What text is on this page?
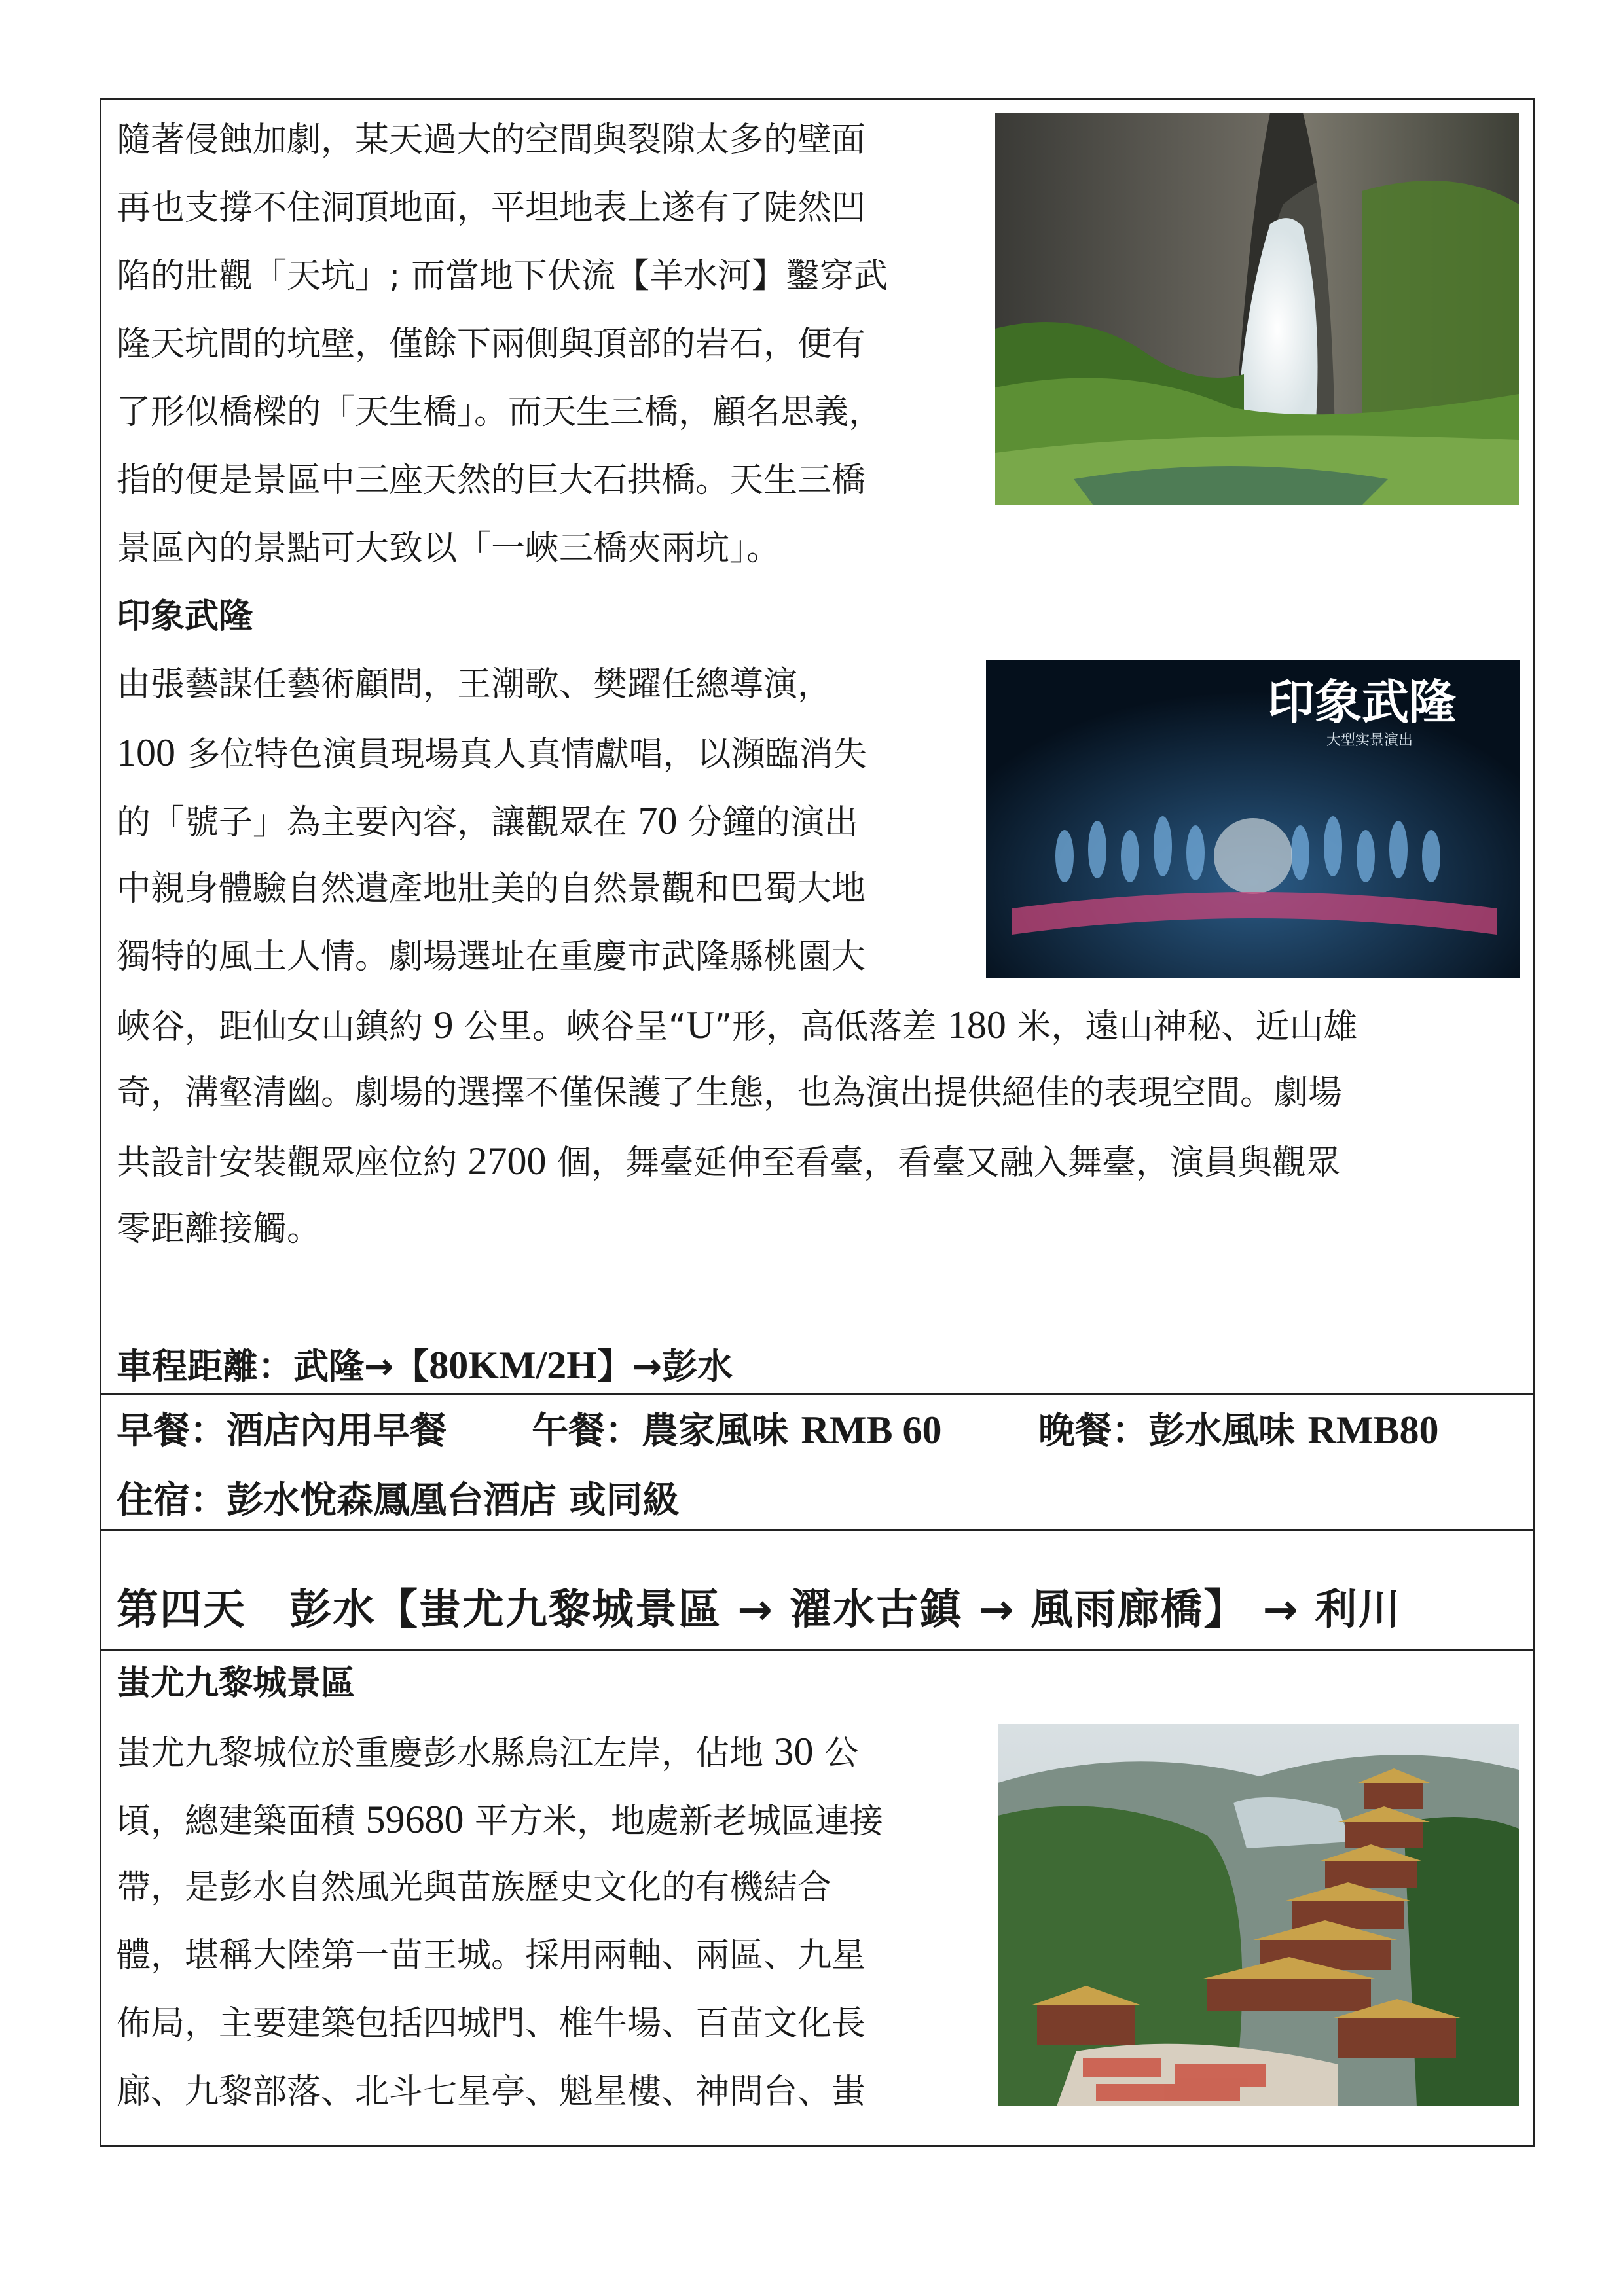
隨著侵蝕加劇，某天過大的空間與裂隙太多的壁面

再也支撐不住洞頂地面，平坦地表上遂有了陡然凹

陷的壯觀「天坑」; 而當地下伏流【羊水河】鑿穿武

隆天坑間的坑壁，僅餘下兩側與頂部的岩石，便有

了形似橋樑的「天生橋」。而天生三橋，顧名思義，

指的便是景區中三座天然的巨大石拱橋。天生三橋

景區內的景點可大致以「一峽三橋夾兩坑」。

印象武隆

由張藝謀任藝術顧問，王潮歌、樊躍任總導演，

100 多位特色演員現場真人真情獻唱，以瀕臨消失

的「號子」為主要內容，讓觀眾在 70 分鐘的演出

中親身體驗自然遺產地壯美的自然景觀和巴蜀大地

獨特的風土人情。劇場選址在重慶市武隆縣桃園大

峽谷，距仙女山鎮約 9 公里。峽谷呈“U”形，高低落差 180 米，遠山神秘、近山雄

奇，溝壑清幽。劇場的選擇不僅保護了生態，也為演出提供絕佳的表現空間。劇場

共設計安裝觀眾座位約 2700 個，舞臺延伸至看臺，看臺又融入舞臺，演員與觀眾

零距離接觸。

印象武隆
大型实景演出

車程距離：武隆→【80KM/2H】→彭水

早餐：酒店內用早餐 午餐：農家風味 RMB 60	晚餐：彭水風味 RMB80
住宿：彭水悅森鳳凰台酒店 或同級
第四天　彭水【蚩尤九黎城景區 → 濯水古鎮 → 風雨廊橋】 → 利川

蚩尤九黎城景區

蚩尤九黎城位於重慶彭水縣烏江左岸，佔地 30 公

頃，總建築面積 59680 平方米，地處新老城區連接

帶，是彭水自然風光與苗族歷史文化的有機結合

體，堪稱大陸第一苗王城。採用兩軸、兩區、九星

佈局，主要建築包括四城門、椎牛場、百苗文化長

廊、九黎部落、北斗七星亭、魁星樓、神問台、蚩
